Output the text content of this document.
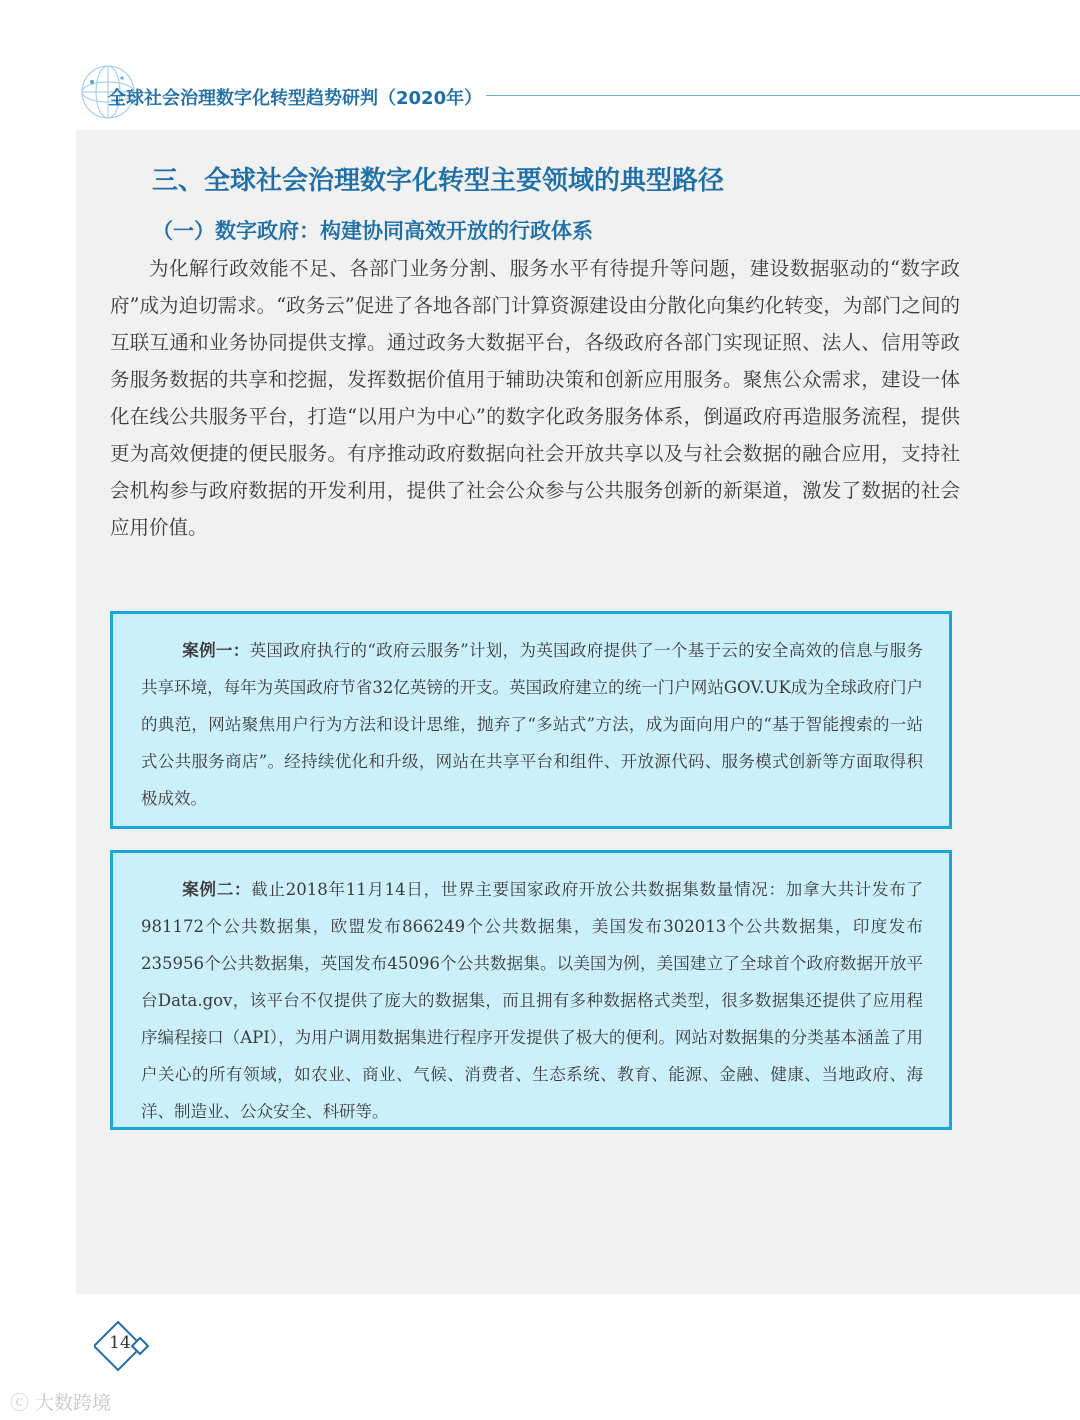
全球社会治理数字化转型趋势研判（2020年）
三、全球社会治理数字化转型主要领域的典型路径
（一）数字政府：构建协同高效开放的行政体系

为化解行政效能不足、各部门业务分割、服务水平有待提升等问题，建设数据驱动的“数字政府”成为迫切需求。“政务云”促进了各地各部门计算资源建设由分散化向集约化转变，为部门之间的互联互通和业务协同提供支撑。通过政务大数据平台，各级政府各部门实现证照、法人、信用等政务服务数据的共享和挖掘，发挥数据价值用于辅助决策和创新应用服务。聚焦公众需求，建设一体化在线公共服务平台，打造“以用户为中心”的数字化政务服务体系，倒逼政府再造服务流程，提供更为高效便捷的便民服务。有序推动政府数据向社会开放共享以及与社会数据的融合应用，支持社会机构参与政府数据的开发利用，提供了社会公众参与公共服务创新的新渠道，激发了数据的社会应用价值。

案例一：英国政府执行的“政府云服务”计划，为英国政府提供了一个基于云的安全高效的信息与服务共享环境，每年为英国政府节省32亿英镑的开支。英国政府建立的统一门户网站GOV.UK成为全球政府门户的典范，网站聚焦用户行为方法和设计思维，抛弃了“多站式”方法，成为面向用户的“基于智能搜索的一站式公共服务商店”。经持续优化和升级，网站在共享平台和组件、开放源代码、服务模式创新等方面取得积极成效。

案例二：截止2018年11月14日，世界主要国家政府开放公共数据集数量情况：加拿大共计发布了981172个公共数据集，欧盟发布866249个公共数据集，美国发布302013个公共数据集，印度发布235956个公共数据集，英国发布45096个公共数据集。以美国为例，美国建立了全球首个政府数据开放平台Data.gov，该平台不仅提供了庞大的数据集，而且拥有多种数据格式类型，很多数据集还提供了应用程序编程接口（API），为用户调用数据集进行程序开发提供了极大的便利。网站对数据集的分类基本涵盖了用户关心的所有领域，如农业、商业、气候、消费者、生态系统、教育、能源、金融、健康、当地政府、海洋、制造业、公众安全、科研等。

14
ⓒ 大数跨境
